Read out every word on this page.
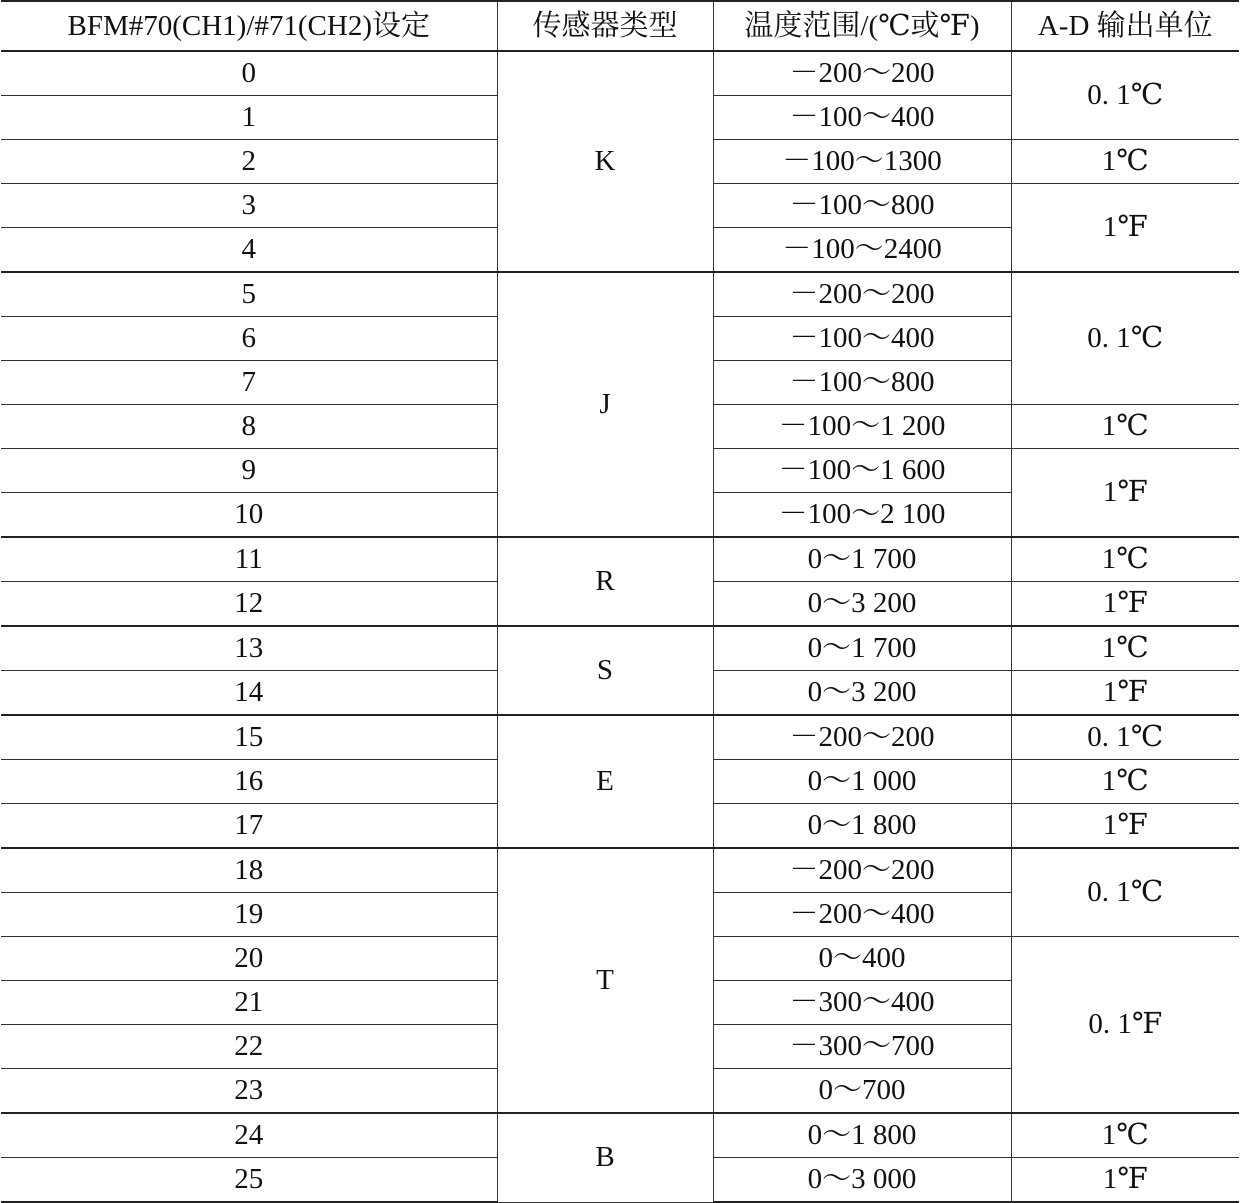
BFM#70(CH1)/#71(CH2)设定	传感器类型	温度范围/(℃或℉)	A-D 输出单位
0	K	－200～200	0. 1℃
1		－100～400	
2		－100～1300	1℃
3		－100～800	1℉
4		－100～2400	
5	J	－200～200	0. 1℃
6		－100～400	
7		－100～800	
8		－100～1 200	1℃
9		－100～1 600	1℉
10		－100～2 100	
11	R	0～1 700	1℃
12		0～3 200	1℉
13	S	0～1 700	1℃
14		0～3 200	1℉
15	E	－200～200	0. 1℃
16		0～1 000	1℃
17		0～1 800	1℉
18	T	－200～200	0. 1℃
19		－200～400	
20		0～400	0. 1℉
21		－300～400	
22		－300～700	
23		0～700	
24	B	0～1 800	1℃
25		0～3 000	1℉
